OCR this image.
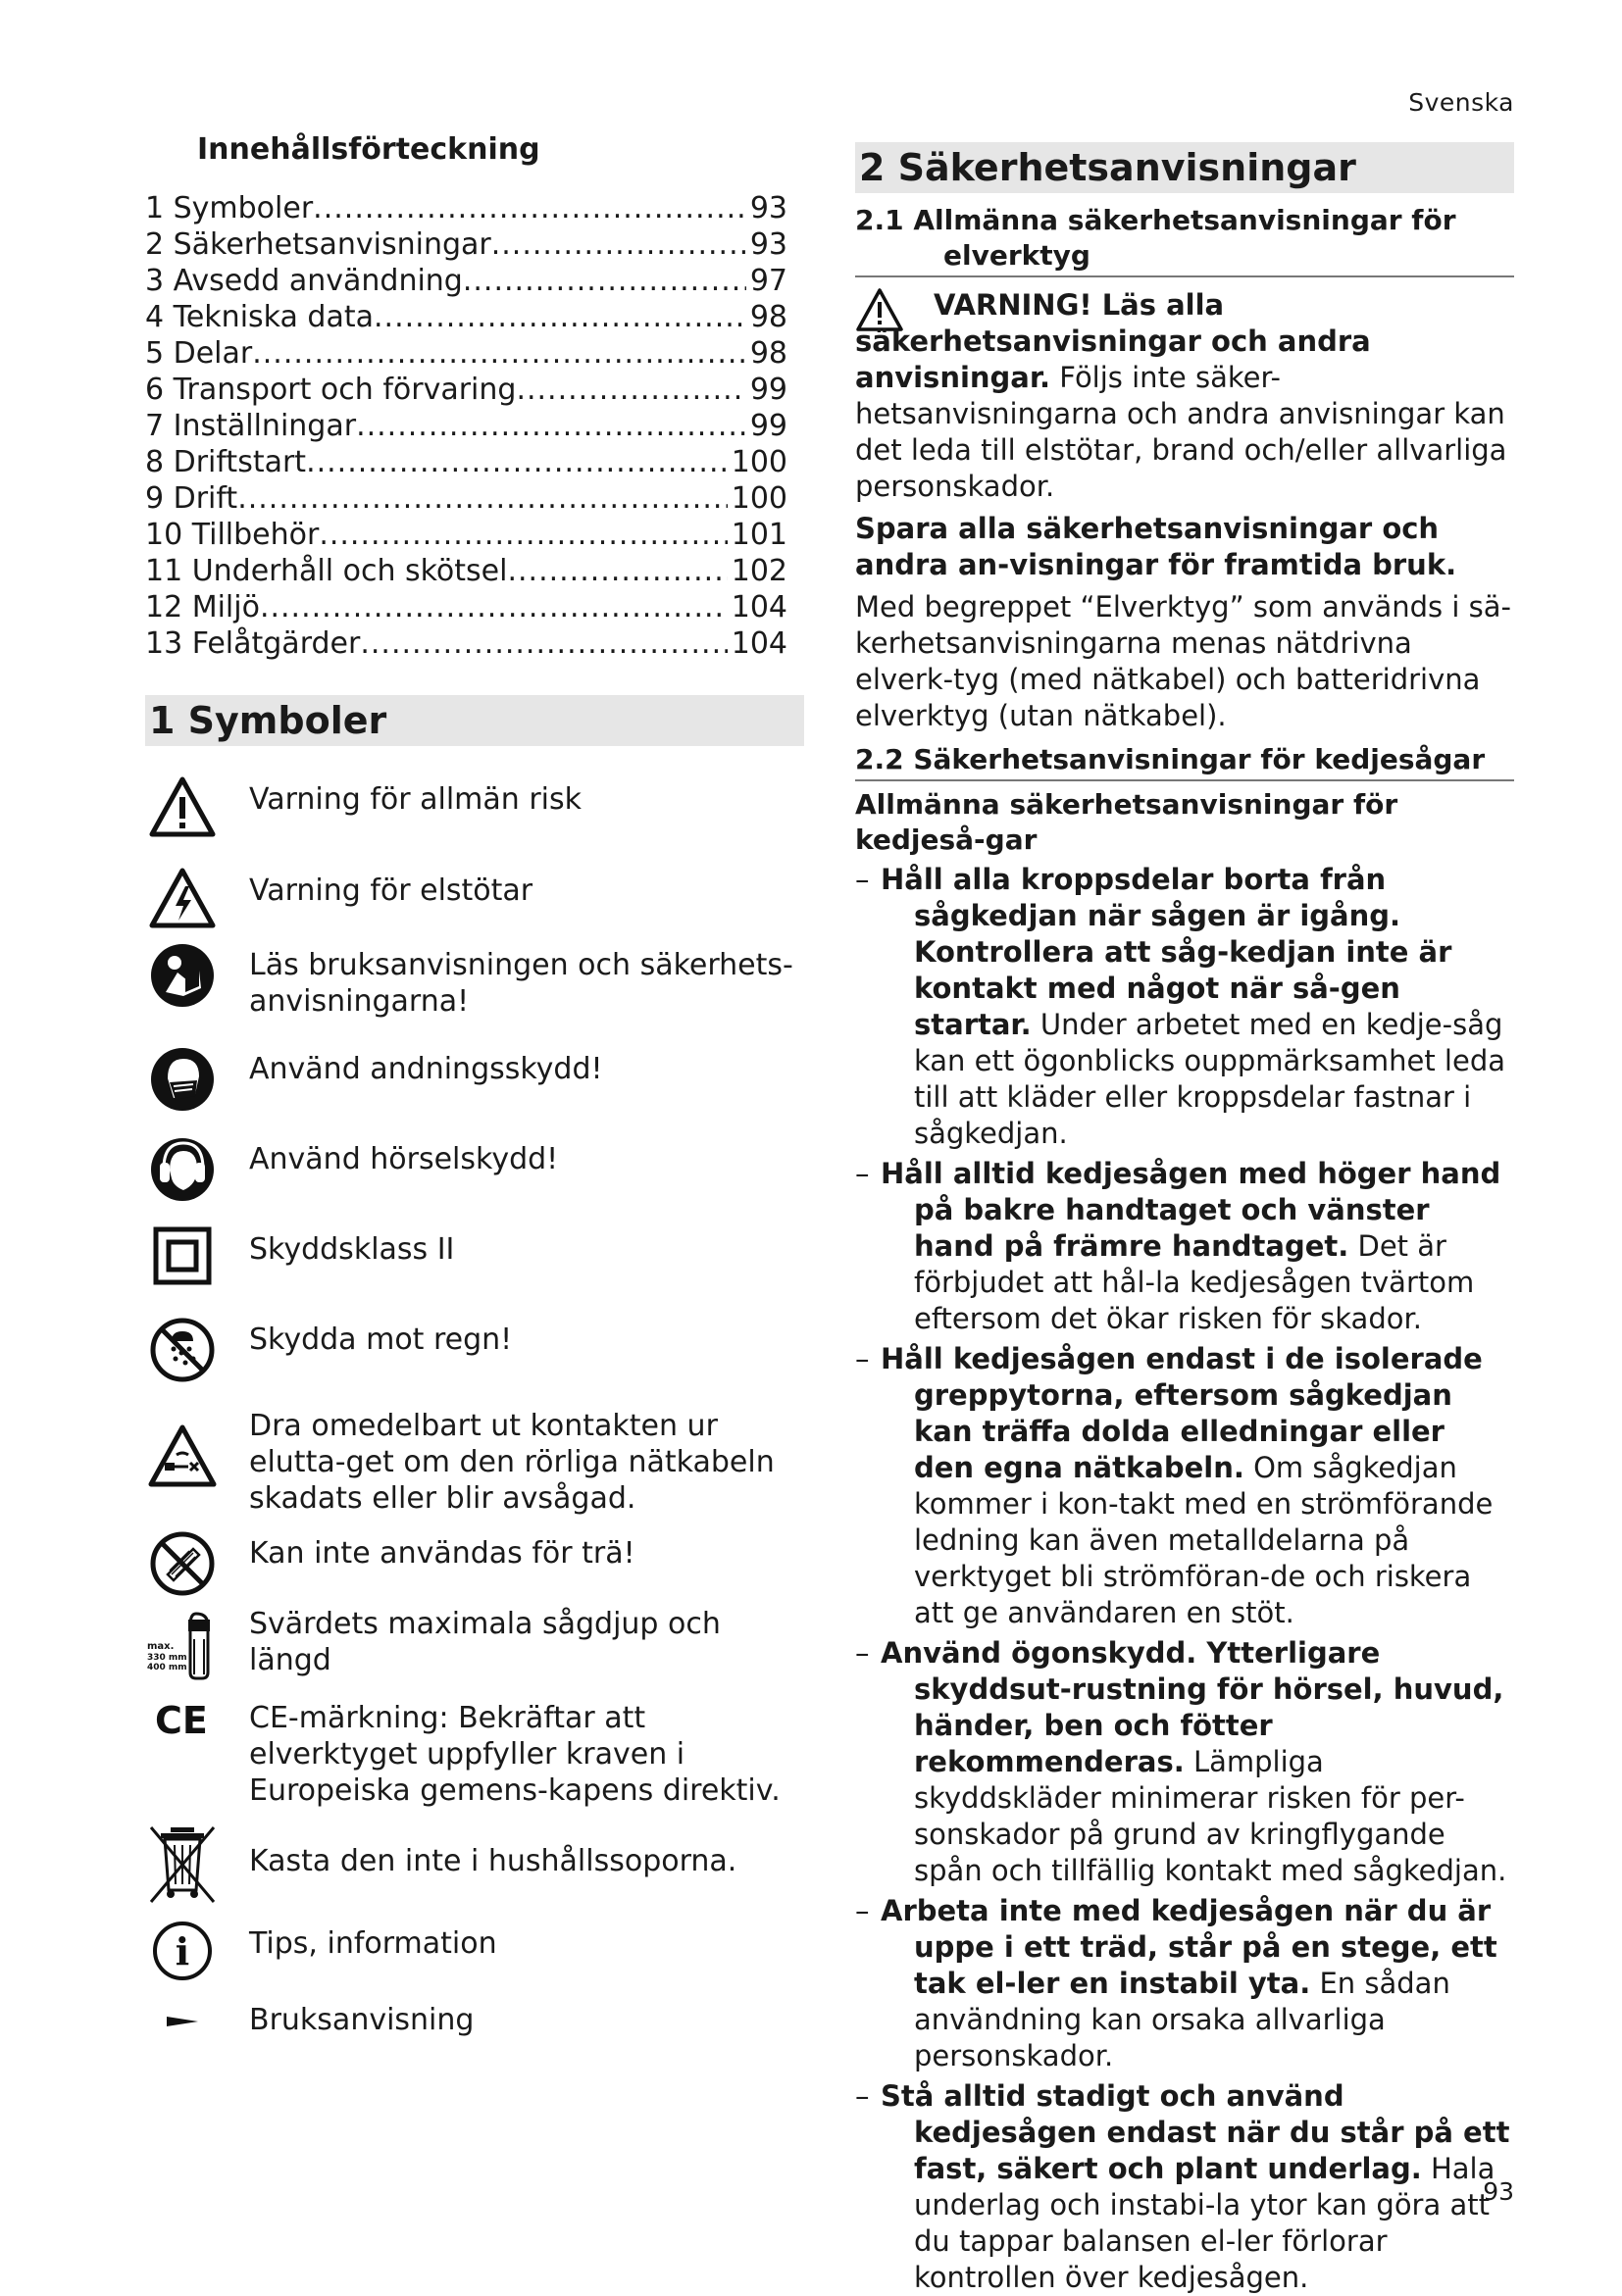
Svenska
Innehållsförteckning
1 Symboler .....	93
2 Säkerhetsanvisningar .....	93
3 Avsedd användning .....	97
4 Tekniska data .....	98
5 Delar .....	98
6 Transport och förvaring .....	99
7 Inställningar .....	99
8 Driftstart .....	100
9 Drift .....	100
10 Tillbehör .....	101
11 Underhåll och skötsel .....	102
12 Miljö .....	104
13 Felåtgärder .....	104
1 Symboler
Varning för allmän risk
Varning för elstötar
Läs bruksanvisningen och säkerhets-anvisningarna!
Använd andningsskydd!
Använd hörselskydd!
Skyddsklass II
Skydda mot regn!
Dra omedelbart ut kontakten ur elutta-get om den rörliga nätkabeln skadats eller blir avsågad.
Kan inte användas för trä!
max.
330 mm
400 mm
Svärdets maximala sågdjup och längd
CE CE-märkning: Bekräftar att elverktyget uppfyller kraven i Europeiska gemens-kapens direktiv.
Kasta den inte i hushållssoporna.
i Tips, information
Bruksanvisning
2 Säkerhetsanvisningar
2.1 Allmänna säkerhetsanvisningar för
elverktyg

VARNING! Läs alla säkerhetsanvisningar och andra anvisningar. Följs inte säker-hetsanvisningarna och andra anvisningar kan det leda till elstötar, brand och/eller allvarliga personskador.

Spara alla säkerhetsanvisningar och andra an-visningar för framtida bruk.

Med begreppet “Elverktyg” som används i sä-kerhetsanvisningarna menas nätdrivna elverk-tyg (med nätkabel) och batteridrivna elverktyg (utan nätkabel).

2.2 Säkerhetsanvisningar för kedjesågar
Allmänna säkerhetsanvisningar för kedjeså-gar

– Håll alla kroppsdelar borta från sågkedjan när sågen är igång. Kontrollera att såg-kedjan inte är kontakt med något när så-gen startar. Under arbetet med en kedje-såg kan ett ögonblicks ouppmärksamhet leda till att kläder eller kroppsdelar fastnar i sågkedjan.

– Håll alltid kedjesågen med höger hand på bakre handtaget och vänster hand på främre handtaget. Det är förbjudet att hål-la kedjesågen tvärtom eftersom det ökar risken för skador.

– Håll kedjesågen endast i de isolerade greppytorna, eftersom sågkedjan kan träffa dolda elledningar eller den egna nätkabeln. Om sågkedjan kommer i kon-takt med en strömförande ledning kan även metalldelarna på verktyget bli strömföran-de och riskera att ge användaren en stöt.

– Använd ögonskydd. Ytterligare skyddsut-rustning för hörsel, huvud, händer, ben och fötter rekommenderas. Lämpliga skyddskläder minimerar risken för per-sonskador på grund av kringflygande spån och tillfällig kontakt med sågkedjan.

– Arbeta inte med kedjesågen när du är uppe i ett träd, står på en stege, ett tak el-ler en instabil yta. En sådan användning kan orsaka allvarliga personskador.

– Stå alltid stadigt och använd kedjesågen endast när du står på ett fast, säkert och plant underlag. Hala underlag och instabi-la ytor kan göra att du tappar balansen el-ler förlorar kontrollen över kedjesågen.

93
